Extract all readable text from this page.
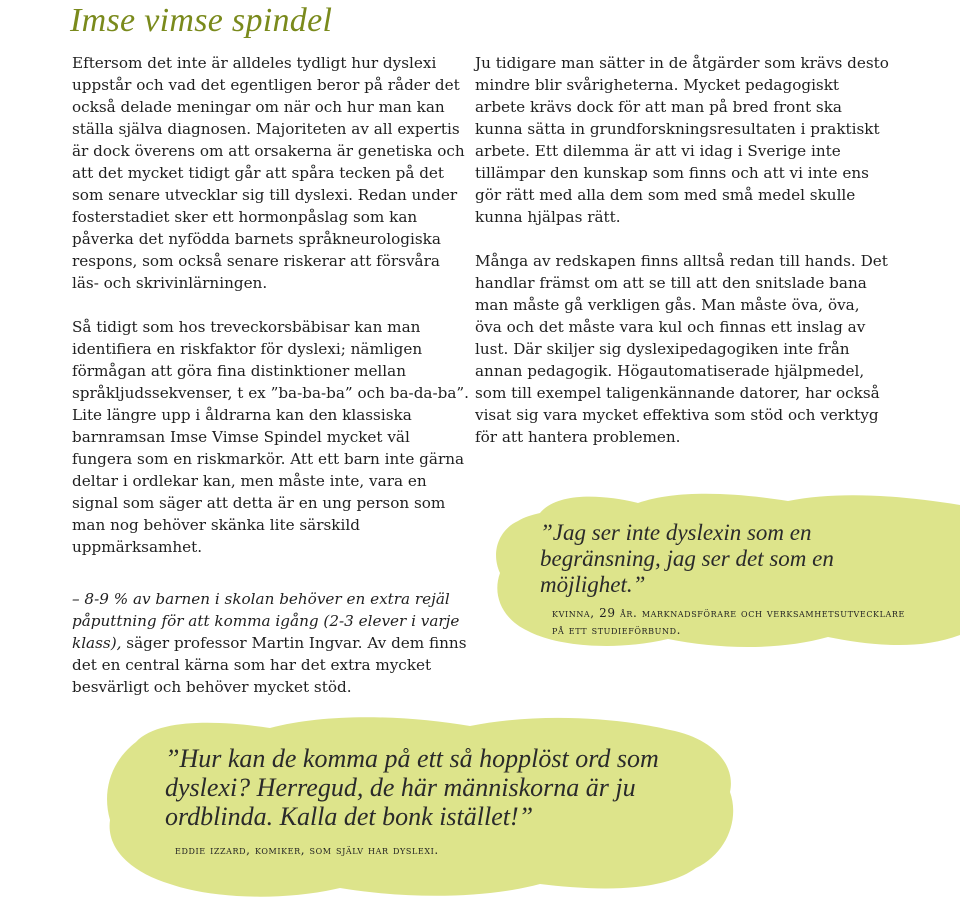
Imse vimse spindel

Eftersom det inte är alldeles tydligt hur dyslexi uppstår och vad det egentligen beror på råder det också delade meningar om när och hur man kan ställa själva diagnosen. Majoriteten av all expertis är dock överens om att orsakerna är genetiska och att det mycket tidigt går att spåra tecken på det som senare utvecklar sig till dyslexi. Redan under fosterstadiet sker ett hormonpåslag som kan påverka det nyfödda barnets språkneurologiska respons, som också senare riskerar att försvåra läs- och skrivinlärningen.

Så tidigt som hos treveckorsbäbisar kan man identifiera en riskfaktor för dyslexi; nämligen förmågan att göra fina distinktioner mellan språkljudssekvenser, t ex ”ba-ba-ba” och ba-da-ba”. Lite längre upp i åldrarna kan den klassiska barnramsan Imse Vimse Spindel mycket väl fungera som en riskmarkör. Att ett barn inte gärna deltar i ordlekar kan, men måste inte, vara en signal som säger att detta är en ung person som man nog behöver skänka lite särskild uppmärksamhet.

– 8-9 % av barnen i skolan behöver en extra rejäl påputtning för att komma igång (2-3 elever i varje klass), säger professor Martin Ingvar. Av dem finns det en central kärna som har det extra mycket besvärligt och behöver mycket stöd.

Ju tidigare man sätter in de åtgärder som krävs desto mindre blir svårigheterna. Mycket pedagogiskt arbete krävs dock för att man på bred front ska kunna sätta in grundforskningsresultaten i praktiskt arbete. Ett dilemma är att vi idag i Sverige inte tillämpar den kunskap som finns och att vi inte ens gör rätt med alla dem som med små medel skulle kunna hjälpas rätt.

Många av redskapen finns alltså redan till hands. Det handlar främst om att se till att den snitslade bana man måste gå verkligen gås. Man måste öva, öva, öva och det måste vara kul och finnas ett inslag av lust. Där skiljer sig dyslexipedagogiken inte från annan pedagogik. Högautomatiserade hjälpmedel, som till exempel taligenkännande datorer, har också visat sig vara mycket effektiva som stöd och verktyg för att hantera problemen.

”Jag ser inte dyslexin som en begränsning, jag ser det som en möjlighet.”

kvinna, 29 år. marknadsförare och verksamhetsutvecklare på ett studieförbund.

”Hur kan de komma på ett så hopplöst ord som dyslexi? Herregud, de här människorna är ju ordblinda. Kalla det bonk istället!”

eddie izzard, komiker, som själv har dyslexi.
